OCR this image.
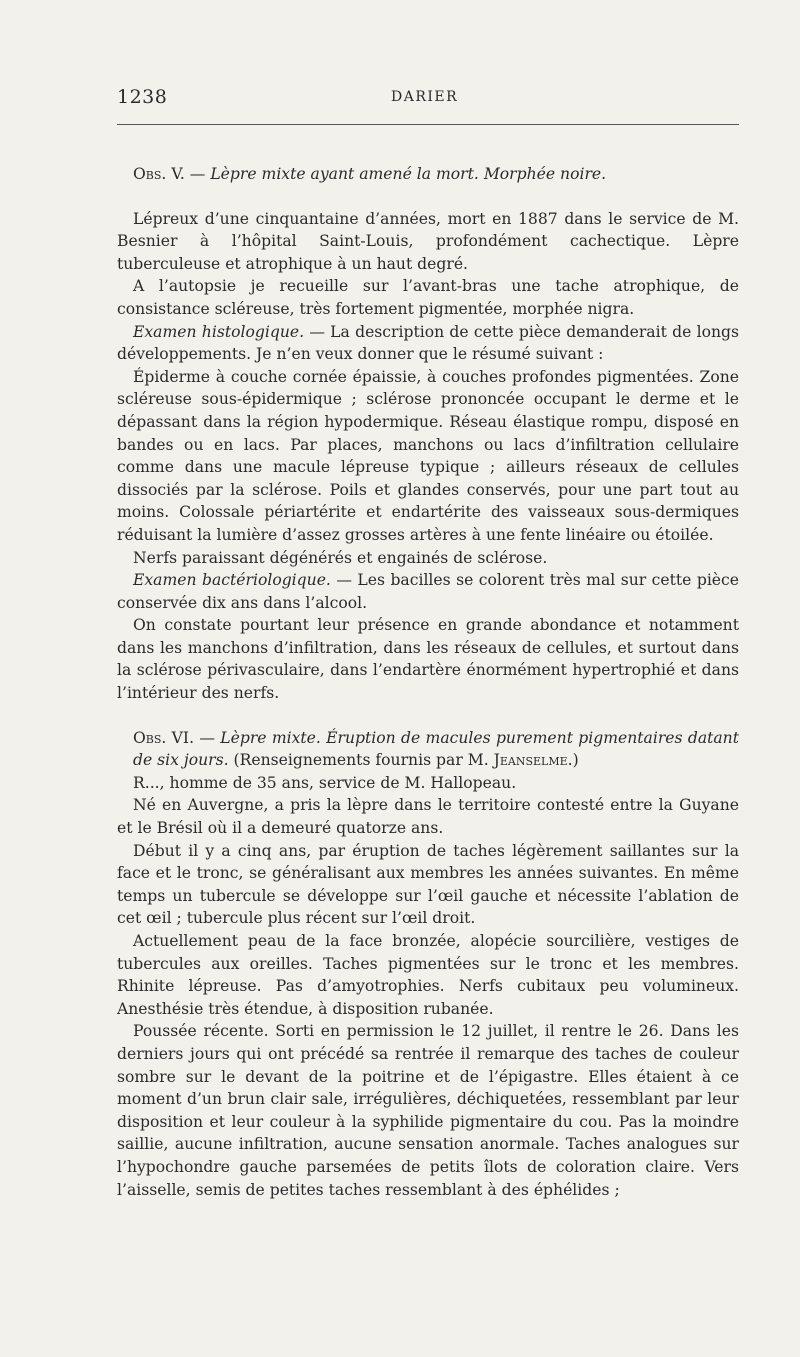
1238	DARIER

Obs. V. — Lèpre mixte ayant amené la mort. Morphée noire.

Lépreux d’une cinquantaine d’années, mort en 1887 dans le service de M. Besnier à l’hôpital Saint-Louis, profondément cachectique. Lèpre tuberculeuse et atrophique à un haut degré.

A l’autopsie je recueille sur l’avant-bras une tache atrophique, de consistance scléreuse, très fortement pigmentée, morphée nigra.

Examen histologique. — La description de cette pièce demanderait de longs développements. Je n’en veux donner que le résumé suivant :

Épiderme à couche cornée épaissie, à couches profondes pigmentées. Zone scléreuse sous-épidermique ; sclérose prononcée occupant le derme et le dépassant dans la région hypodermique. Réseau élastique rompu, disposé en bandes ou en lacs. Par places, manchons ou lacs d’infiltration cellulaire comme dans une macule lépreuse typique ; ailleurs réseaux de cellules dissociés par la sclérose. Poils et glandes conservés, pour une part tout au moins. Colossale périartérite et endartérite des vaisseaux sous-dermiques réduisant la lumière d’assez grosses artères à une fente linéaire ou étoilée.

Nerfs paraissant dégénérés et engainés de sclérose.

Examen bactériologique. — Les bacilles se colorent très mal sur cette pièce conservée dix ans dans l’alcool.

On constate pourtant leur présence en grande abondance et notamment dans les manchons d’infiltration, dans les réseaux de cellules, et surtout dans la sclérose périvasculaire, dans l’endartère énormément hypertrophié et dans l’intérieur des nerfs.

Obs. VI. — Lèpre mixte. Éruption de macules purement pigmentaires datant de six jours. (Renseignements fournis par M. Jeanselme.)

R..., homme de 35 ans, service de M. Hallopeau.

Né en Auvergne, a pris la lèpre dans le territoire contesté entre la Guyane et le Brésil où il a demeuré quatorze ans.

Début il y a cinq ans, par éruption de taches légèrement saillantes sur la face et le tronc, se généralisant aux membres les années suivantes. En même temps un tubercule se développe sur l’œil gauche et nécessite l’ablation de cet œil ; tubercule plus récent sur l’œil droit.

Actuellement peau de la face bronzée, alopécie sourcilière, vestiges de tubercules aux oreilles. Taches pigmentées sur le tronc et les membres. Rhinite lépreuse. Pas d’amyotrophies. Nerfs cubitaux peu volumineux. Anesthésie très étendue, à disposition rubanée.

Poussée récente. Sorti en permission le 12 juillet, il rentre le 26. Dans les derniers jours qui ont précédé sa rentrée il remarque des taches de couleur sombre sur le devant de la poitrine et de l’épigastre. Elles étaient à ce moment d’un brun clair sale, irrégulières, déchiquetées, ressemblant par leur disposition et leur couleur à la syphilide pigmentaire du cou. Pas la moindre saillie, aucune infiltration, aucune sensation anormale. Taches analogues sur l’hypochondre gauche parsemées de petits îlots de coloration claire. Vers l’aisselle, semis de petites taches ressemblant à des éphélides ;
